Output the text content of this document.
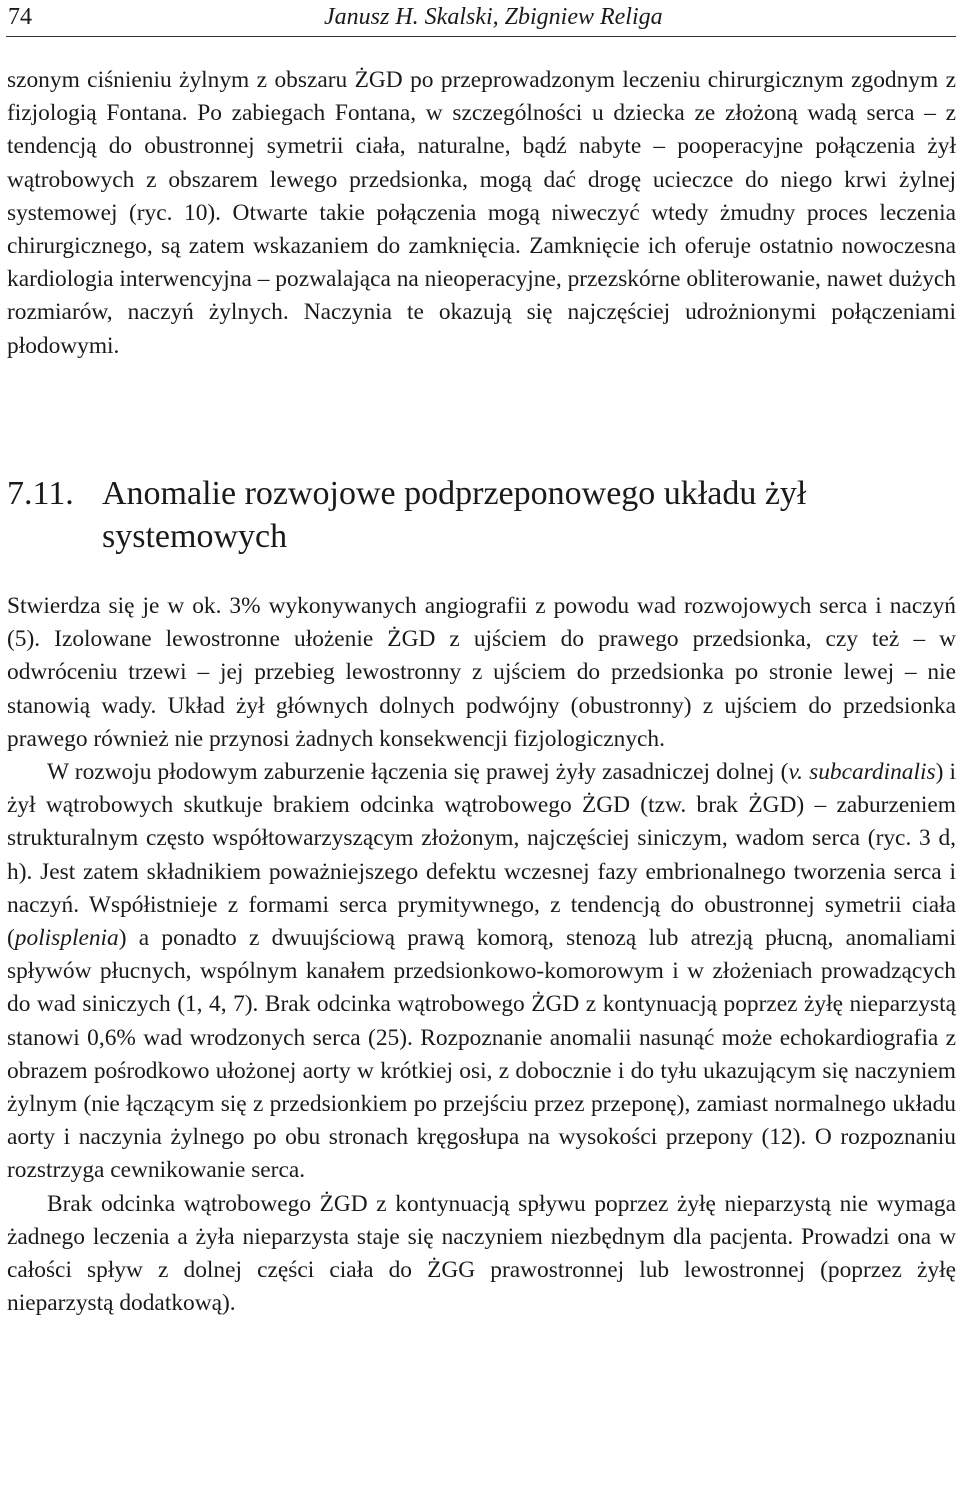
74	Janusz H. Skalski, Zbigniew Religa

szonym ciśnieniu żylnym z obszaru ŻGD po przeprowadzonym leczeniu chirurgicznym zgodnym z fizjologią Fontana. Po zabiegach Fontana, w szczególności u dziecka ze złożoną wadą serca – z tendencją do obustronnej symetrii ciała, naturalne, bądź nabyte – pooperacyjne połączenia żył wątrobowych z obszarem lewego przedsionka, mogą dać drogę ucieczce do niego krwi żylnej systemowej (ryc. 10). Otwarte takie połączenia mogą niweczyć wtedy żmudny proces leczenia chirurgicznego, są zatem wskazaniem do zamknięcia. Zamknięcie ich oferuje ostatnio nowoczesna kardiologia interwencyjna – pozwalająca na nieoperacyjne, przezskórne obliterowanie, nawet dużych rozmiarów, naczyń żylnych. Naczynia te okazują się najczęściej udrożnionymi połączeniami płodowymi.

7.11. Anomalie rozwojowe podprzeponowego układu żył systemowych

Stwierdza się je w ok. 3% wykonywanych angiografii z powodu wad rozwojowych serca i naczyń (5). Izolowane lewostronne ułożenie ŻGD z ujściem do prawego przedsionka, czy też – w odwróceniu trzewi – jej przebieg lewostronny z ujściem do przedsionka po stronie lewej – nie stanowią wady. Układ żył głównych dolnych podwójny (obustronny) z ujściem do przedsionka prawego również nie przynosi żadnych konsekwencji fizjologicznych.

W rozwoju płodowym zaburzenie łączenia się prawej żyły zasadniczej dolnej (v. subcardinalis) i żył wątrobowych skutkuje brakiem odcinka wątrobowego ŻGD (tzw. brak ŻGD) – zaburzeniem strukturalnym często współtowarzyszącym złożonym, najczęściej siniczym, wadom serca (ryc. 3 d, h). Jest zatem składnikiem poważniejszego defektu wczesnej fazy embrionalnego tworzenia serca i naczyń. Współistnieje z formami serca prymitywnego, z tendencją do obustronnej symetrii ciała (polisplenia) a ponadto z dwuujściową prawą komorą, stenozą lub atrezją płucną, anomaliami spływów płucnych, wspólnym kanałem przedsionkowo-komorowym i w złożeniach prowadzących do wad siniczych (1, 4, 7). Brak odcinka wątrobowego ŻGD z kontynuacją poprzez żyłę nieparzystą stanowi 0,6% wad wrodzonych serca (25). Rozpoznanie anomalii nasunąć może echokardiografia z obrazem pośrodkowo ułożonej aorty w krótkiej osi, z dobocznie i do tyłu ukazującym się naczyniem żylnym (nie łączącym się z przedsionkiem po przejściu przez przeponę), zamiast normalnego układu aorty i naczynia żylnego po obu stronach kręgosłupa na wysokości przepony (12). O rozpoznaniu rozstrzyga cewnikowanie serca.

Brak odcinka wątrobowego ŻGD z kontynuacją spływu poprzez żyłę nieparzystą nie wymaga żadnego leczenia a żyła nieparzysta staje się naczyniem niezbędnym dla pacjenta. Prowadzi ona w całości spływ z dolnej części ciała do ŻGG prawostronnej lub lewostronnej (poprzez żyłę nieparzystą dodatkową).
